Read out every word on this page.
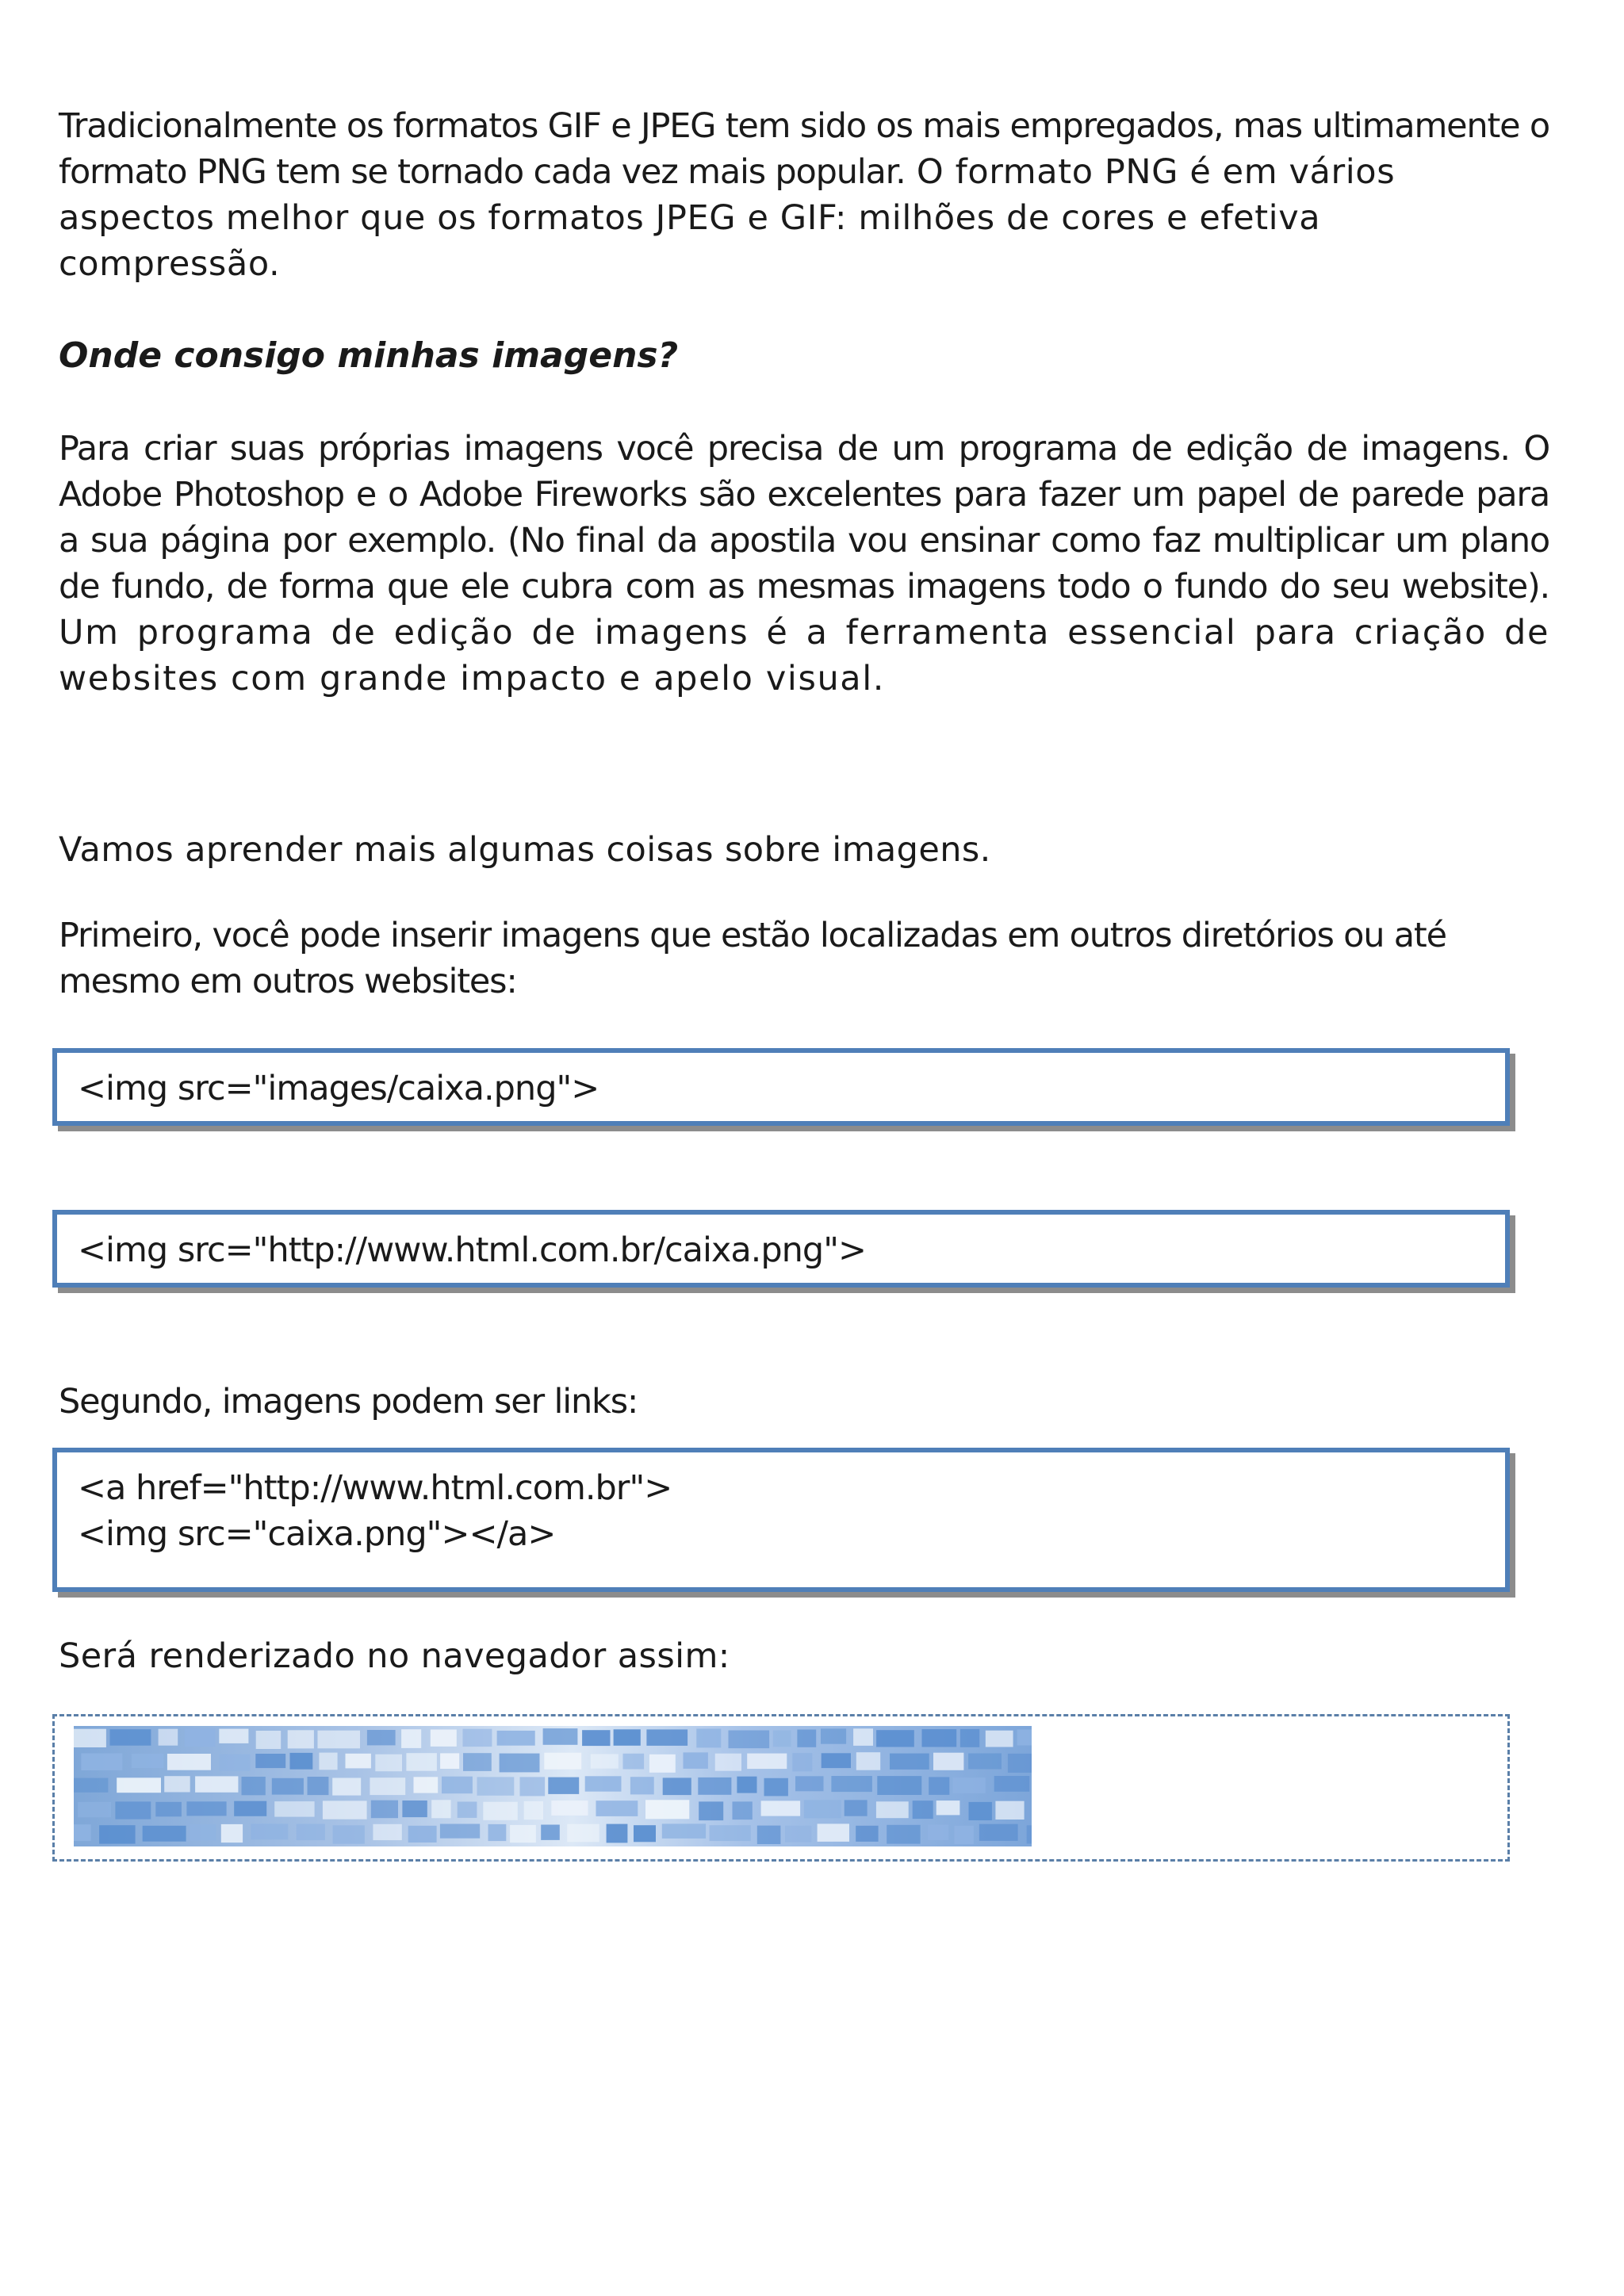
Tradicionalmente os formatos GIF e JPEG tem sido os mais empregados, mas ultimamente o formato PNG tem se tornado cada vez mais popular. O formato PNG é em vários aspectos melhor que os formatos JPEG e GIF: milhões de cores e efetiva compressão.

Onde consigo minhas imagens?

Para criar suas próprias imagens você precisa de um programa de edição de imagens. O Adobe Photoshop e o Adobe Fireworks são excelentes para fazer um papel de parede para a sua página por exemplo. (No final da apostila vou ensinar como faz multiplicar um plano de fundo, de forma que ele cubra com as mesmas imagens todo o fundo do seu website). Um programa de edição de imagens é a ferramenta essencial para criação de websites com grande impacto e apelo visual.

Vamos aprender mais algumas coisas sobre imagens.

Primeiro, você pode inserir imagens que estão localizadas em outros diretórios ou até mesmo em outros websites:

<img src="images/caixa.png">
<img src="http://www.html.com.br/caixa.png">

Segundo, imagens podem ser links:

<a href="http://www.html.com.br">
<img src="caixa.png"></a>

Será renderizado no navegador assim:
